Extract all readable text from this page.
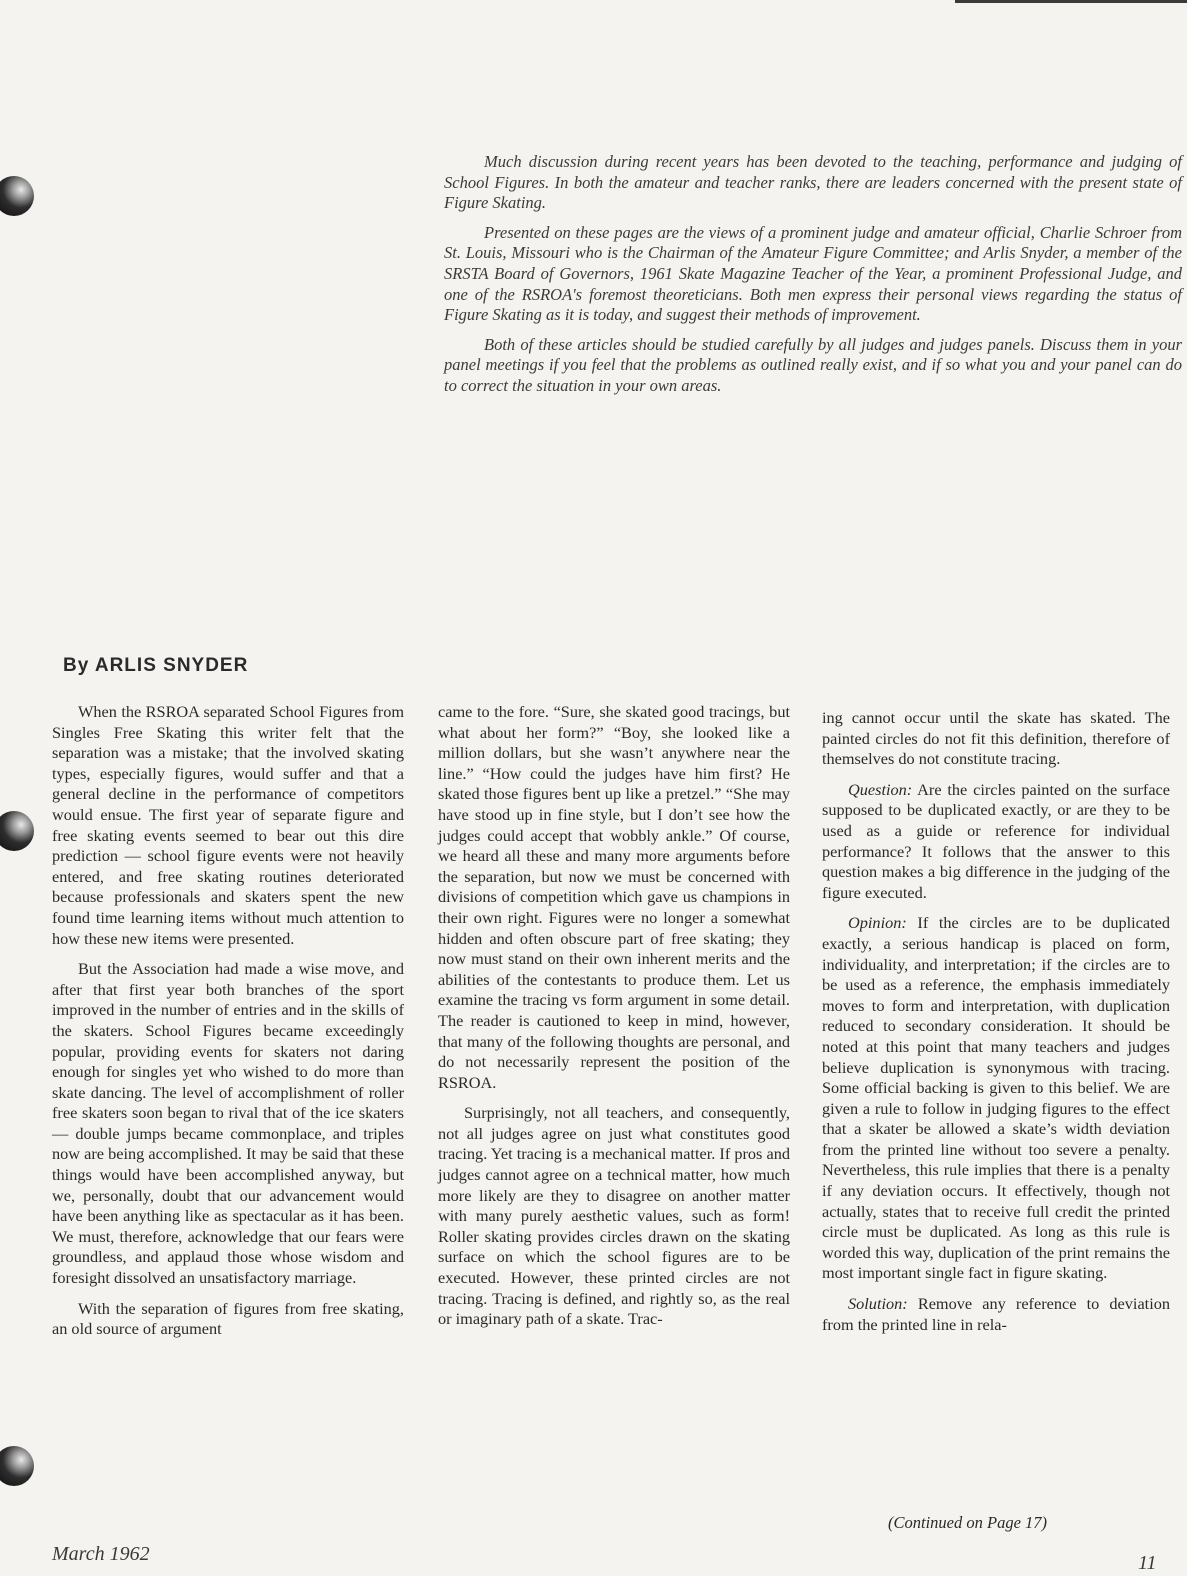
Much discussion during recent years has been devoted to the teaching, performance and judging of School Figures. In both the amateur and teacher ranks, there are leaders concerned with the present state of Figure Skating.

Presented on these pages are the views of a prominent judge and amateur official, Charlie Schroer from St. Louis, Missouri who is the Chairman of the Amateur Figure Committee; and Arlis Snyder, a member of the SRSTA Board of Governors, 1961 Skate Magazine Teacher of the Year, a prominent Professional Judge, and one of the RSROA's foremost theoreticians. Both men express their personal views regarding the status of Figure Skating as it is today, and suggest their methods of improvement.

Both of these articles should be studied carefully by all judges and judges panels. Discuss them in your panel meetings if you feel that the problems as outlined really exist, and if so what you and your panel can do to correct the situation in your own areas.

By ARLIS SNYDER

When the RSROA separated School Figures from Singles Free Skating this writer felt that the separation was a mistake; that the involved skating types, especially figures, would suffer and that a general decline in the performance of competitors would ensue. The first year of separate figure and free skating events seemed to bear out this dire prediction — school figure events were not heavily entered, and free skating routines deteriorated because professionals and skaters spent the new found time learning items without much attention to how these new items were presented.

But the Association had made a wise move, and after that first year both branches of the sport improved in the number of entries and in the skills of the skaters. School Figures became exceedingly popular, providing events for skaters not daring enough for singles yet who wished to do more than skate dancing. The level of accomplishment of roller free skaters soon began to rival that of the ice skaters — double jumps became commonplace, and triples now are being accomplished. It may be said that these things would have been accomplished anyway, but we, personally, doubt that our advancement would have been anything like as spectacular as it has been. We must, therefore, acknowledge that our fears were groundless, and applaud those whose wisdom and foresight dissolved an unsatisfactory marriage.

With the separation of figures from free skating, an old source of argument

came to the fore. “Sure, she skated good tracings, but what about her form?” “Boy, she looked like a million dollars, but she wasn’t anywhere near the line.” “How could the judges have him first? He skated those figures bent up like a pretzel.” “She may have stood up in fine style, but I don’t see how the judges could accept that wobbly ankle.” Of course, we heard all these and many more arguments before the separation, but now we must be concerned with divisions of competition which gave us champions in their own right. Figures were no longer a somewhat hidden and often obscure part of free skating; they now must stand on their own inherent merits and the abilities of the contestants to produce them. Let us examine the tracing vs form argument in some detail. The reader is cautioned to keep in mind, however, that many of the following thoughts are personal, and do not necessarily represent the position of the RSROA.

Surprisingly, not all teachers, and consequently, not all judges agree on just what constitutes good tracing. Yet tracing is a mechanical matter. If pros and judges cannot agree on a technical matter, how much more likely are they to disagree on another matter with many purely aesthetic values, such as form! Roller skating provides circles drawn on the skating surface on which the school figures are to be executed. However, these printed circles are not tracing. Tracing is defined, and rightly so, as the real or imaginary path of a skate. Trac-

ing cannot occur until the skate has skated. The painted circles do not fit this definition, therefore of themselves do not constitute tracing.

Question: Are the circles painted on the surface supposed to be duplicated exactly, or are they to be used as a guide or reference for individual performance? It follows that the answer to this question makes a big difference in the judging of the figure executed.

Opinion: If the circles are to be duplicated exactly, a serious handicap is placed on form, individuality, and interpretation; if the circles are to be used as a reference, the emphasis immediately moves to form and interpretation, with duplication reduced to secondary consideration. It should be noted at this point that many teachers and judges believe duplication is synonymous with tracing. Some official backing is given to this belief. We are given a rule to follow in judging figures to the effect that a skater be allowed a skate’s width deviation from the printed line without too severe a penalty. Nevertheless, this rule implies that there is a penalty if any deviation occurs. It effectively, though not actually, states that to receive full credit the printed circle must be duplicated. As long as this rule is worded this way, duplication of the print remains the most important single fact in figure skating.

Solution: Remove any reference to deviation from the printed line in rela-

(Continued on Page 17)
March 1962	11
